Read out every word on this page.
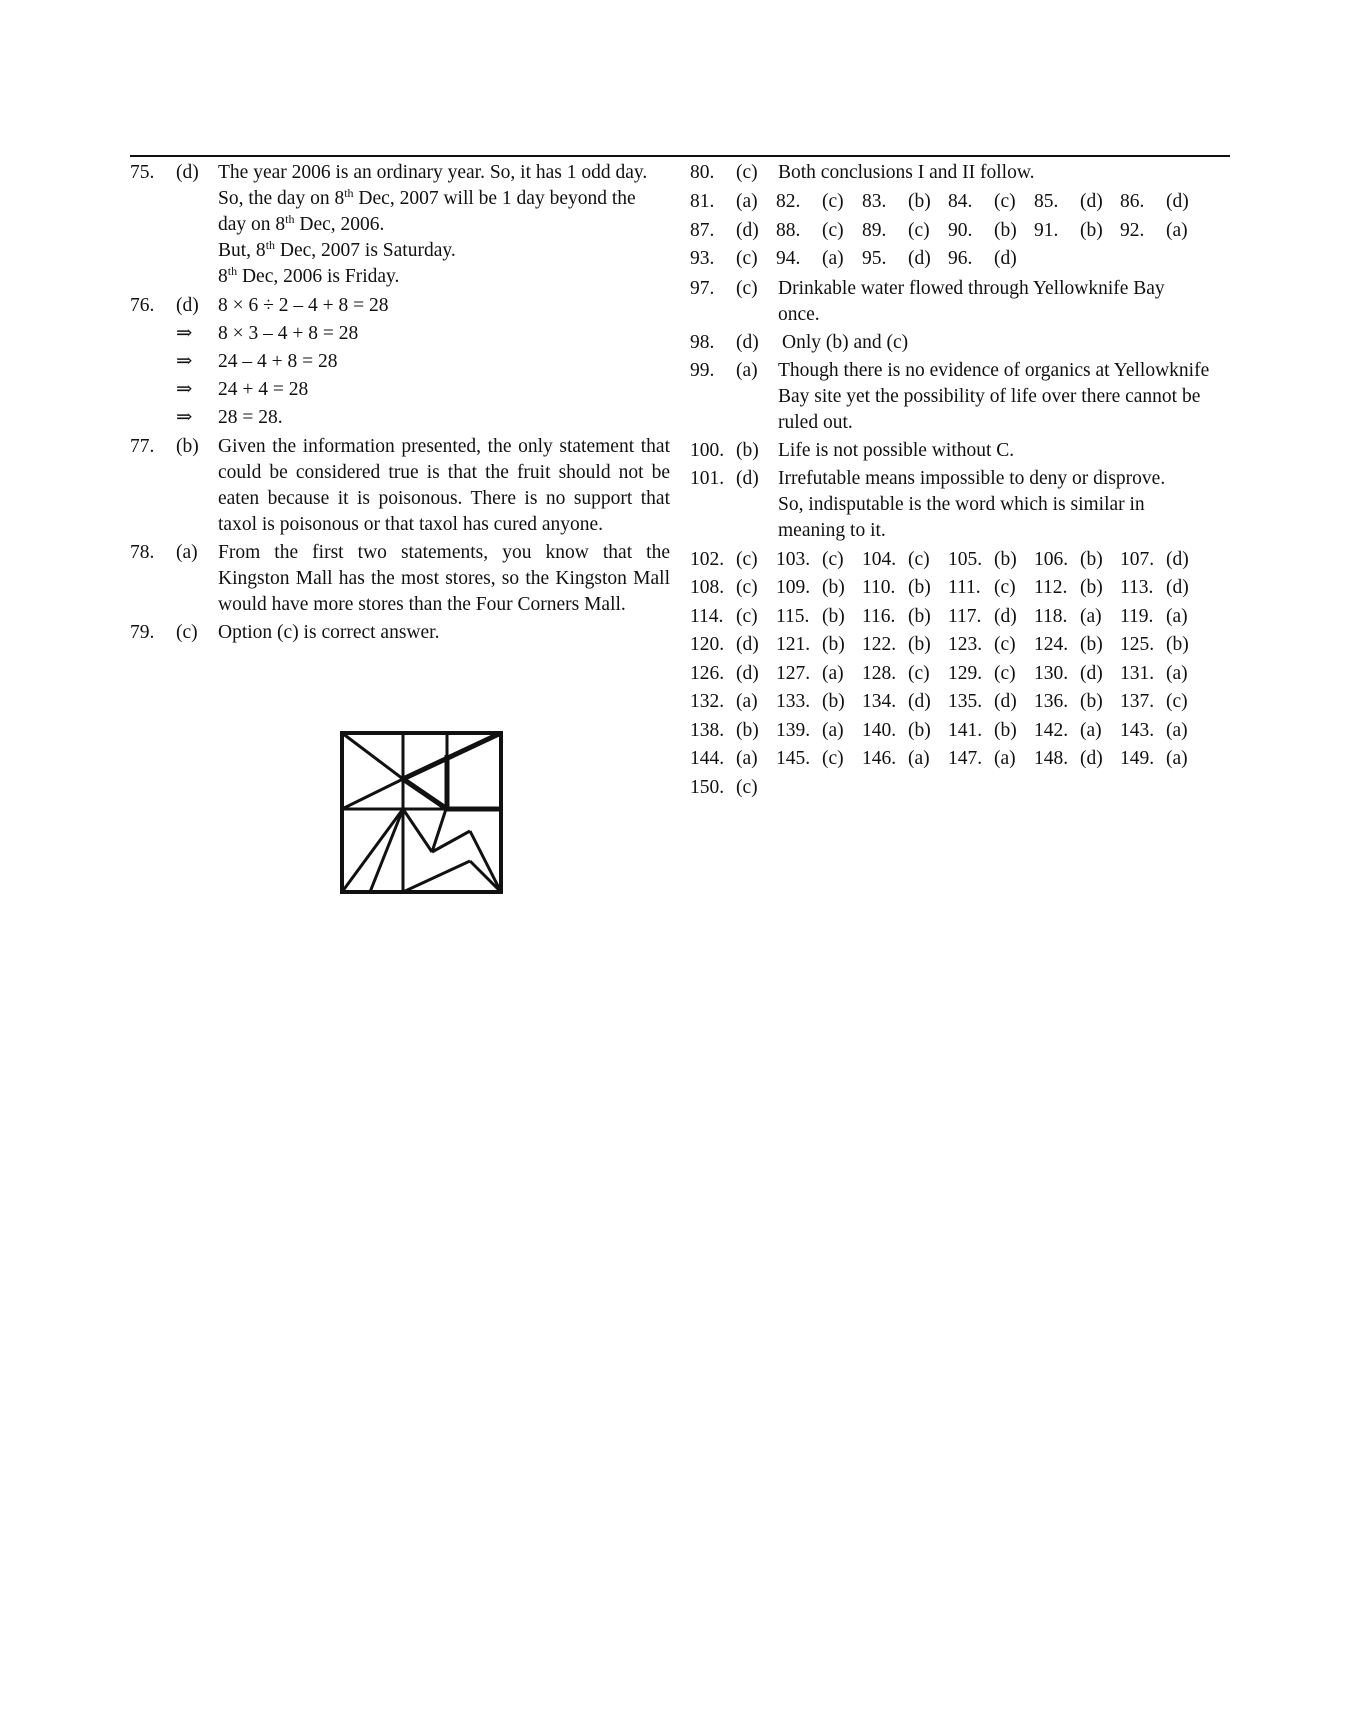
75.	(d) The year 2006 is an ordinary year. So, it has 1 odd day.
So, the day on 8th Dec, 2007 will be 1 day beyond the
day on 8th Dec, 2006.
But, 8th Dec, 2007 is Saturday.
8th Dec, 2006 is Friday.
76.	(d) 8 × 6 ÷ 2 – 4 + 8 = 28
⇒	8 × 3 – 4 + 8 = 28
⇒	24 – 4 + 8 = 28
⇒	24 + 4 = 28
⇒	28 = 28.
77.	(b) Given the information presented, the only statement that could be considered true is that the fruit should not be eaten because it is poisonous. There is no support that taxol is poisonous or that taxol has cured anyone.
78.	(a)	From the first two statements, you know that the Kingston Mall has the most stores, so the Kingston Mall would have more stores than the Four Corners Mall.
79.	(c)	Option (c) is correct answer.
80.	(c)	Both conclusions I and II follow.
81.	(a) 82.	(c) 83.	(b) 84.	(c) 85.	(d) 86.	(d)
87.	(d) 88.	(c) 89.	(c) 90.	(b) 91.	(b) 92.	(a)
93.	(c) 94.	(a) 95.	(d) 96.	(d)
97.	(c)	Drinkable water flowed through Yellowknife Bay once.
98.	(d)	Only (b) and (c)
99.	(a)	Though there is no evidence of organics at Yellowknife Bay site yet the possibility of life over there cannot be ruled out.
100. (b) Life is not possible without C.
101. (d) Irrefutable means impossible to deny or disprove. So, indisputable is the word which is similar in meaning to it.
102. (c) 103. (c) 104. (c) 105. (b) 106. (b) 107. (d)
108. (c) 109. (b) 110. (b) 111. (c) 112. (b) 113. (d)
114. (c) 115. (b) 116. (b) 117. (d) 118. (a) 119. (a)
120. (d) 121. (b) 122. (b) 123. (c) 124. (b) 125. (b)
126. (d) 127. (a) 128. (c) 129. (c) 130. (d) 131. (a)
132. (a) 133. (b) 134. (d) 135. (d) 136. (b) 137. (c)
138. (b) 139. (a) 140. (b) 141. (b) 142. (a) 143. (a)
144. (a) 145. (c) 146. (a) 147. (a) 148. (d) 149. (a)
150. (c)
